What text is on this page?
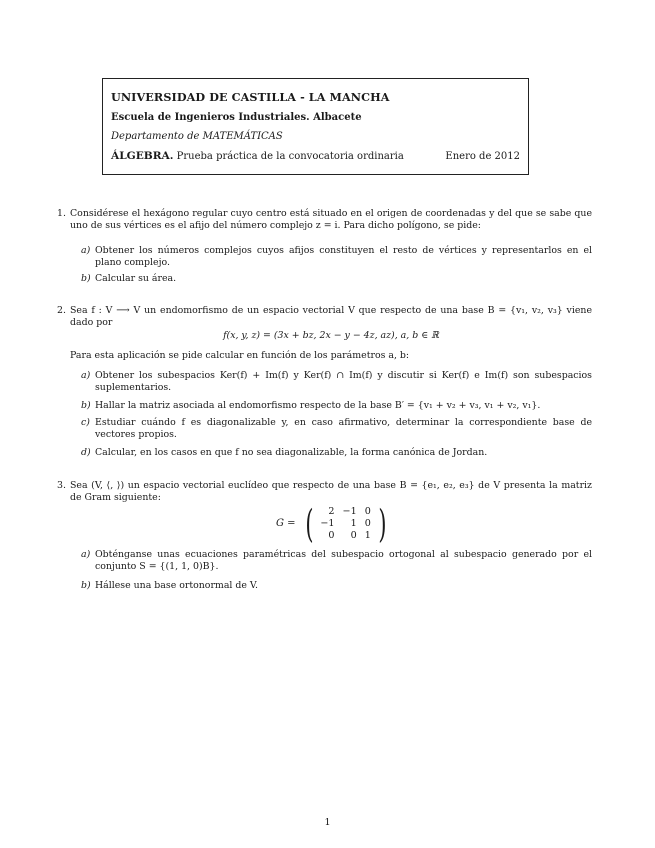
UNIVERSIDAD DE CASTILLA - LA MANCHA
Escuela de Ingenieros Industriales. Albacete
Departamento de MATEMÁTICAS
ÁLGEBRA. Prueba práctica de la convocatoria ordinaria	Enero de 2012
1. Considérese el hexágono regular cuyo centro está situado en el origen de coordenadas y del que se sabe que uno de sus vértices es el afijo del número complejo z = i. Para dicho polígono, se pide:
a) Obtener los números complejos cuyos afijos constituyen el resto de vértices y representarlos en el plano complejo.
b) Calcular su área.
2. Sea f : V ⟶ V un endomorfismo de un espacio vectorial V que respecto de una base B = {v₁, v₂, v₃} viene dado por
f(x, y, z) = (3x + bz, 2x − y − 4z, az), a, b ∈ ℝ
Para esta aplicación se pide calcular en función de los parámetros a, b:
a) Obtener los subespacios Ker(f) + Im(f) y Ker(f) ∩ Im(f) y discutir si Ker(f) e Im(f) son subespacios suplementarios.
b) Hallar la matriz asociada al endomorfismo respecto de la base B′ = {v₁ + v₂ + v₃, v₁ + v₂, v₁}.
c) Estudiar cuándo f es diagonalizable y, en caso afirmativo, determinar la correspondiente base de vectores propios.
d) Calcular, en los casos en que f no sea diagonalizable, la forma canónica de Jordan.
3. Sea (V, ⟨, ⟩) un espacio vectorial euclídeo que respecto de una base B = {e₁, e₂, e₃} de V presenta la matriz de Gram siguiente:
G = ( 2	−1	0
−1	1	0
0	0	1 )
a) Obténganse unas ecuaciones paramétricas del subespacio ortogonal al subespacio generado por el conjunto S = {(1, 1, 0)B}.
b) Hállese una base ortonormal de V.
1
